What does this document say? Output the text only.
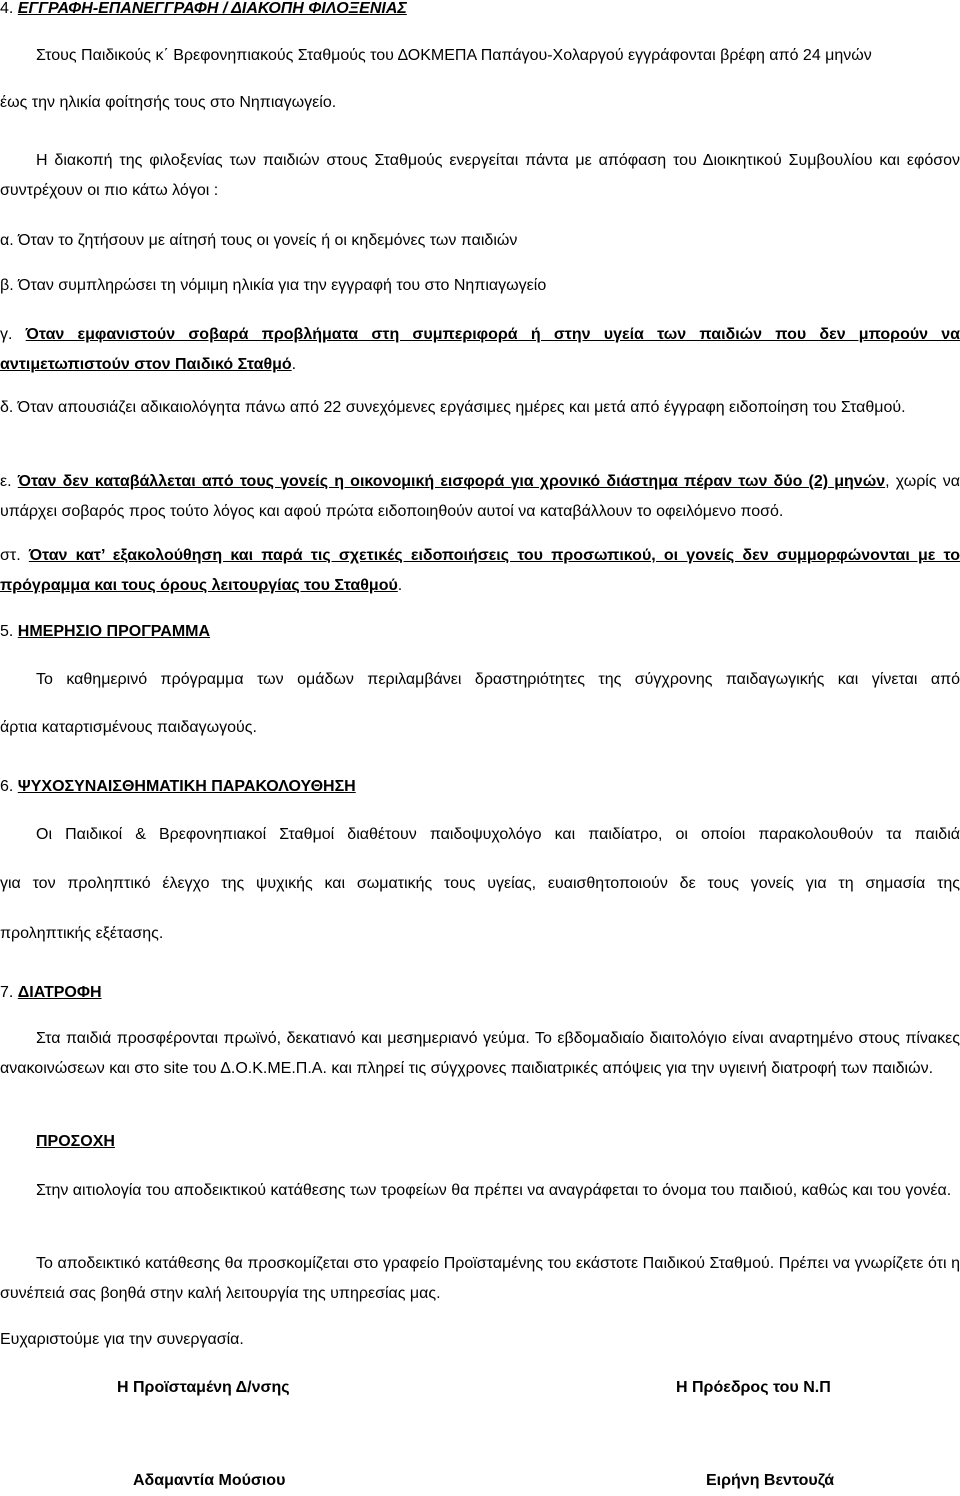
4. ΕΓΓΡΑΦΗ-ΕΠΑΝΕΓΓΡΑΦΗ / ΔΙΑΚΟΠΗ ΦΙΛΟΞΕΝΙΑΣ
Στους Παιδικούς κ΄ Βρεφονηπιακούς Σταθμούς του ΔΟΚΜΕΠΑ Παπάγου-Χολαργού εγγράφονται βρέφη από 24 μηνών
έως την ηλικία φοίτησής τους στο Νηπιαγωγείο.
Η διακοπή της φιλοξενίας των παιδιών στους Σταθμούς ενεργείται πάντα με απόφαση του Διοικητικού Συμβουλίου και εφόσον συντρέχουν οι πιο κάτω λόγοι :
α. Όταν το ζητήσουν με αίτησή τους οι γονείς ή οι κηδεμόνες των παιδιών
β. Όταν συμπληρώσει τη νόμιμη ηλικία για την εγγραφή του στο Νηπιαγωγείο
γ. Όταν εμφανιστούν σοβαρά προβλήματα στη συμπεριφορά ή στην υγεία των παιδιών που δεν μπορούν να αντιμετωπιστούν στον Παιδικό Σταθμό.
δ. Όταν απουσιάζει αδικαιολόγητα πάνω από 22 συνεχόμενες εργάσιμες ημέρες και μετά από έγγραφη ειδοποίηση του Σταθμού.
ε. Όταν δεν καταβάλλεται από τους γονείς η οικονομική εισφορά για χρονικό διάστημα πέραν των δύο (2) μηνών, χωρίς να υπάρχει σοβαρός προς τούτο λόγος και αφού πρώτα ειδοποιηθούν αυτοί να καταβάλλουν το οφειλόμενο ποσό.
στ. Όταν κατ’ εξακολούθηση και παρά τις σχετικές ειδοποιήσεις του προσωπικού, οι γονείς δεν συμμορφώνονται με το πρόγραμμα και τους όρους λειτουργίας του Σταθμού.
5. ΗΜΕΡΗΣΙΟ ΠΡΟΓΡΑΜΜΑ
Το καθημερινό πρόγραμμα των ομάδων περιλαμβάνει δραστηριότητες της σύγχρονης παιδαγωγικής και γίνεται από
άρτια καταρτισμένους παιδαγωγούς.
6. ΨΥΧΟΣΥΝΑΙΣΘΗΜΑΤΙΚΗ ΠΑΡΑΚΟΛΟΥΘΗΣΗ
Οι Παιδικοί & Βρεφονηπιακοί Σταθμοί διαθέτουν παιδοψυχολόγο και παιδίατρο, οι οποίοι παρακολουθούν τα παιδιά
για τον προληπτικό έλεγχο της ψυχικής και σωματικής τους υγείας, ευαισθητοποιούν δε τους γονείς για τη σημασία της
προληπτικής εξέτασης.
7. ΔΙΑΤΡΟΦΗ
Στα παιδιά προσφέρονται πρωϊνό, δεκατιανό και μεσημεριανό γεύμα. Το εβδομαδιαίο διαιτολόγιο είναι αναρτημένο στους πίνακες ανακοινώσεων και στο site του Δ.Ο.Κ.ΜΕ.Π.Α. και πληρεί τις σύγχρονες παιδιατρικές απόψεις για την υγιεινή διατροφή των παιδιών.
ΠΡΟΣΟΧΗ
Στην αιτιολογία του αποδεικτικού κατάθεσης των τροφείων θα πρέπει να αναγράφεται το όνομα του παιδιού, καθώς και του γονέα.
Το αποδεικτικό κατάθεσης θα προσκομίζεται στο γραφείο Προϊσταμένης του εκάστοτε Παιδικού Σταθμού. Πρέπει να γνωρίζετε ότι η συνέπειά σας βοηθά στην καλή λειτουργία της υπηρεσίας μας.
Ευχαριστούμε για την συνεργασία.
Η Προϊσταμένη Δ/νσης	Η Πρόεδρος του Ν.Π
Αδαμαντία Μούσιου	Ειρήνη Βεντουζά
